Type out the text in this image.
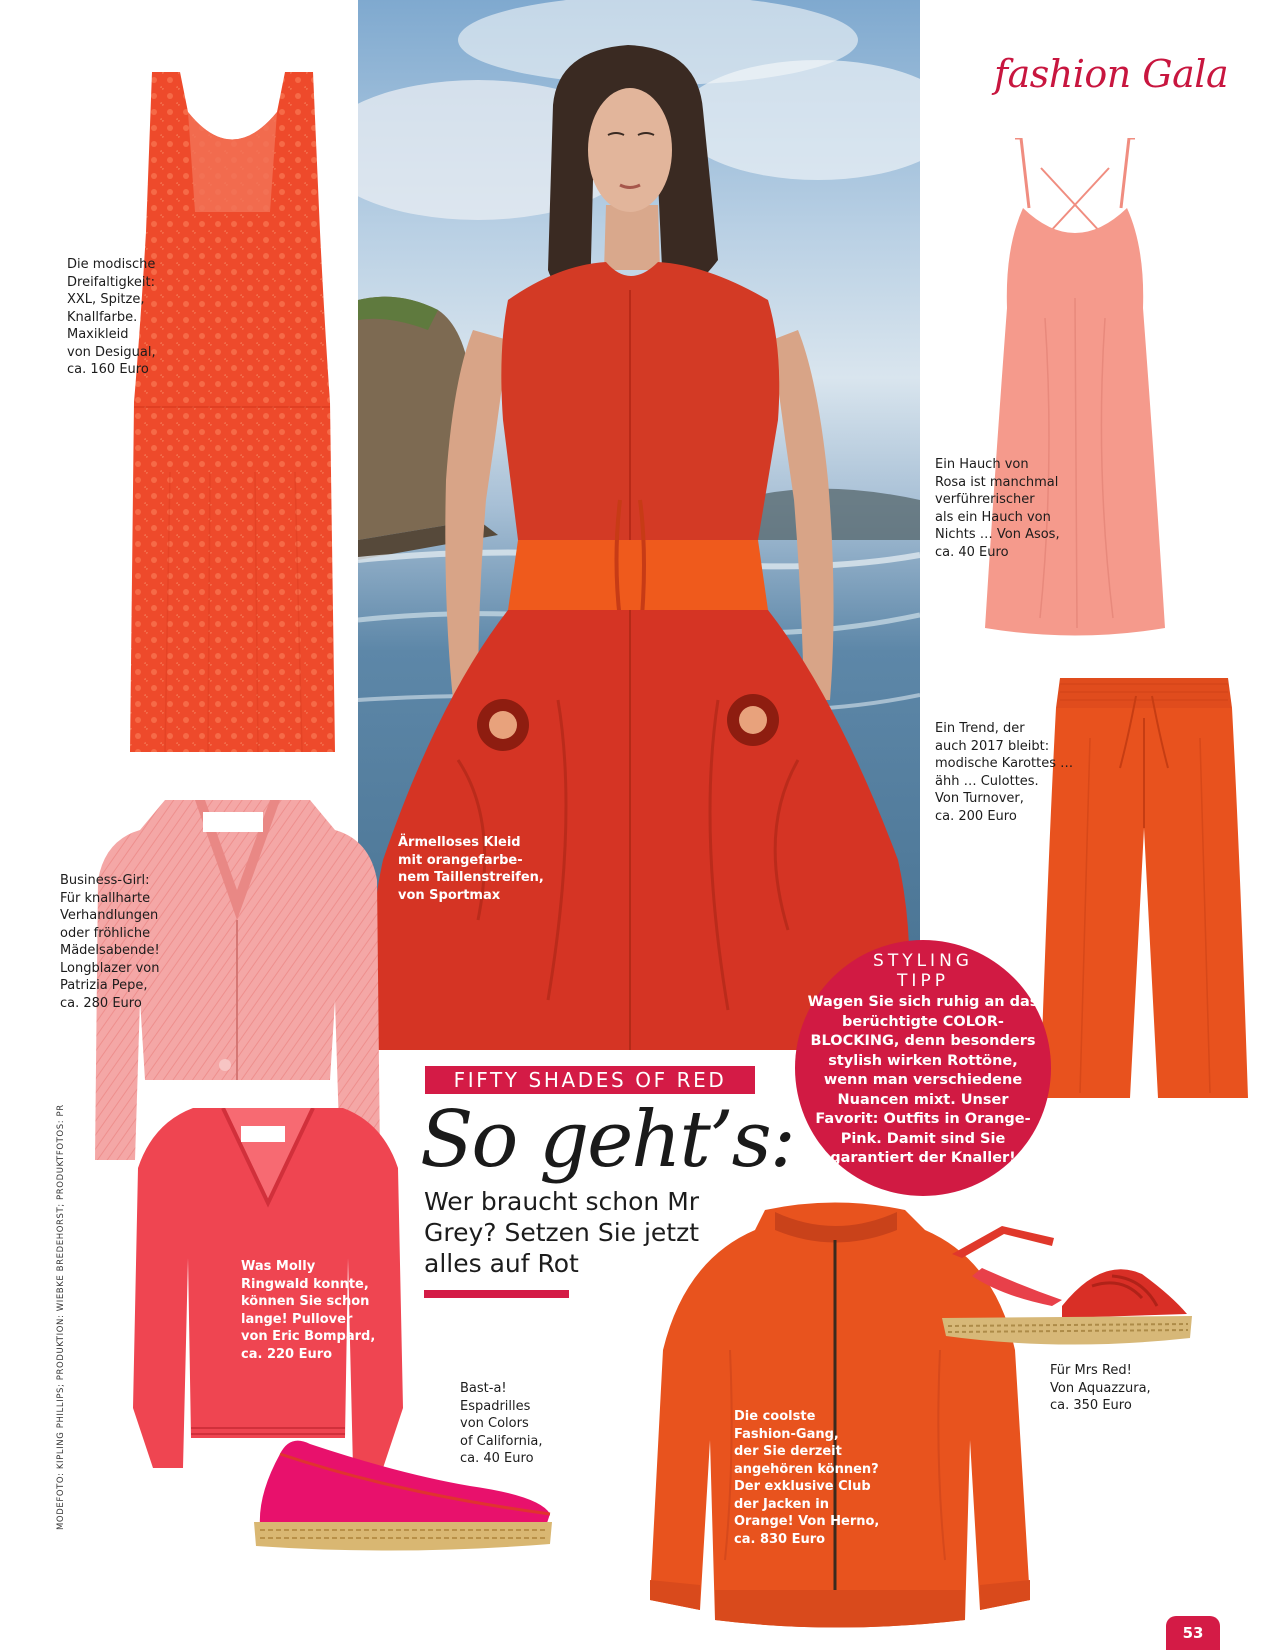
Ärmelloses Kleid
mit orangefarbe-
nem Taillenstreifen,
von Sportmax
fashion Gala
Die modische
Dreifaltigkeit:
XXL, Spitze,
Knallfarbe.
Maxikleid
von Desigual,
ca. 160 Euro
Ein Hauch von
Rosa ist manchmal
verführerischer
als ein Hauch von
Nichts … Von Asos,
ca. 40 Euro
Ein Trend, der
auch 2017 bleibt:
modische Karottes …
ähh … Culottes.
Von Turnover,
ca. 200 Euro
Business-Girl:
Für knallharte
Verhandlungen
oder fröhliche
Mädelsabende!
Longblazer von
Patrizia Pepe,
ca. 280 Euro
Was Molly
Ringwald konnte,
können Sie schon
lange! Pullover
von Eric Bompard,
ca. 220 Euro
Bast-a!
Espadrilles
von Colors
of California,
ca. 40 Euro
Die coolste
Fashion-Gang,
der Sie derzeit
angehören können?
Der exklusive Club
der Jacken in
Orange! Von Herno,
ca. 830 Euro
Für Mrs Red!
Von Aquazzura,
ca. 350 Euro
FIFTY SHADES OF RED
So geht’s:
Wer braucht schon Mr Grey? Setzen Sie jetzt alles auf Rot
STYLING
TIPP
Wagen Sie sich ruhig an das berüchtigte COLOR-BLOCKING, denn besonders stylish wirken Rottöne, wenn man verschiedene Nuancen mixt. Unser Favorit: Outfits in Orange-Pink. Damit sind Sie garantiert der Knaller!
MODEFOTO: KIPLING PHILLIPS; PRODUKTION: WIEBKE BREDEHORST; PRODUKTFOTOS: PR
53
